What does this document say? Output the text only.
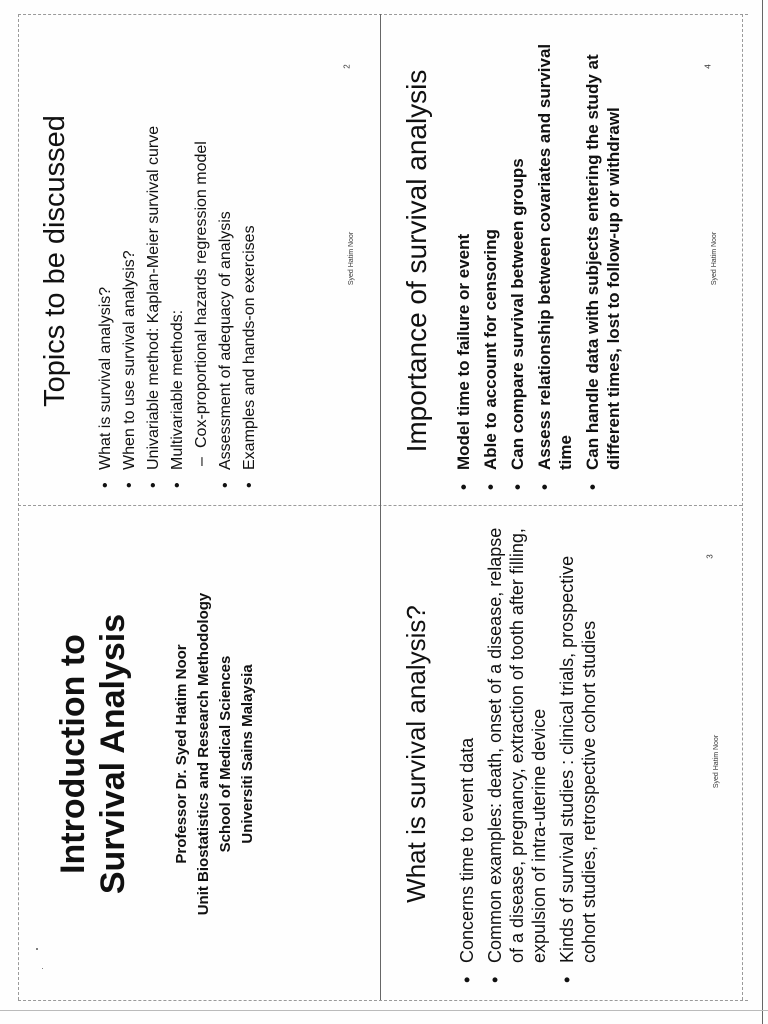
Introduction to Survival Analysis	Professor Dr. Syed Hatim Noor Unit Biostatistics and Research Methodology School of Medical Sciences Universiti Sains Malaysia
Topics to be discussed • What is survival analysis? • When to use survival analysis? • Univariable method: Kaplan-Meier survival curve • Multivariable methods: – Cox-proportional hazards regression model • Assessment of adequacy of analysis • Examples and hands-on exercises	Syed Hatim Noor
2
What is survival analysis? • Concerns time to event data • Common examples: death, onset of a disease, relapse of a disease, pregnancy, extraction of tooth after filling, expulsion of intra-uterine device • Kinds of survival studies : clinical trials, prospective cohort studies, retrospective cohort studies	Syed Hatim Noor
3
Importance of survival analysis • Model time to failure or event • Able to account for censoring • Can compare survival between groups • Assess relationship between covariates and survival time • Can handle data with subjects entering the study at different times, lost to follow-up or withdrawl	Syed Hatim Noor
4
